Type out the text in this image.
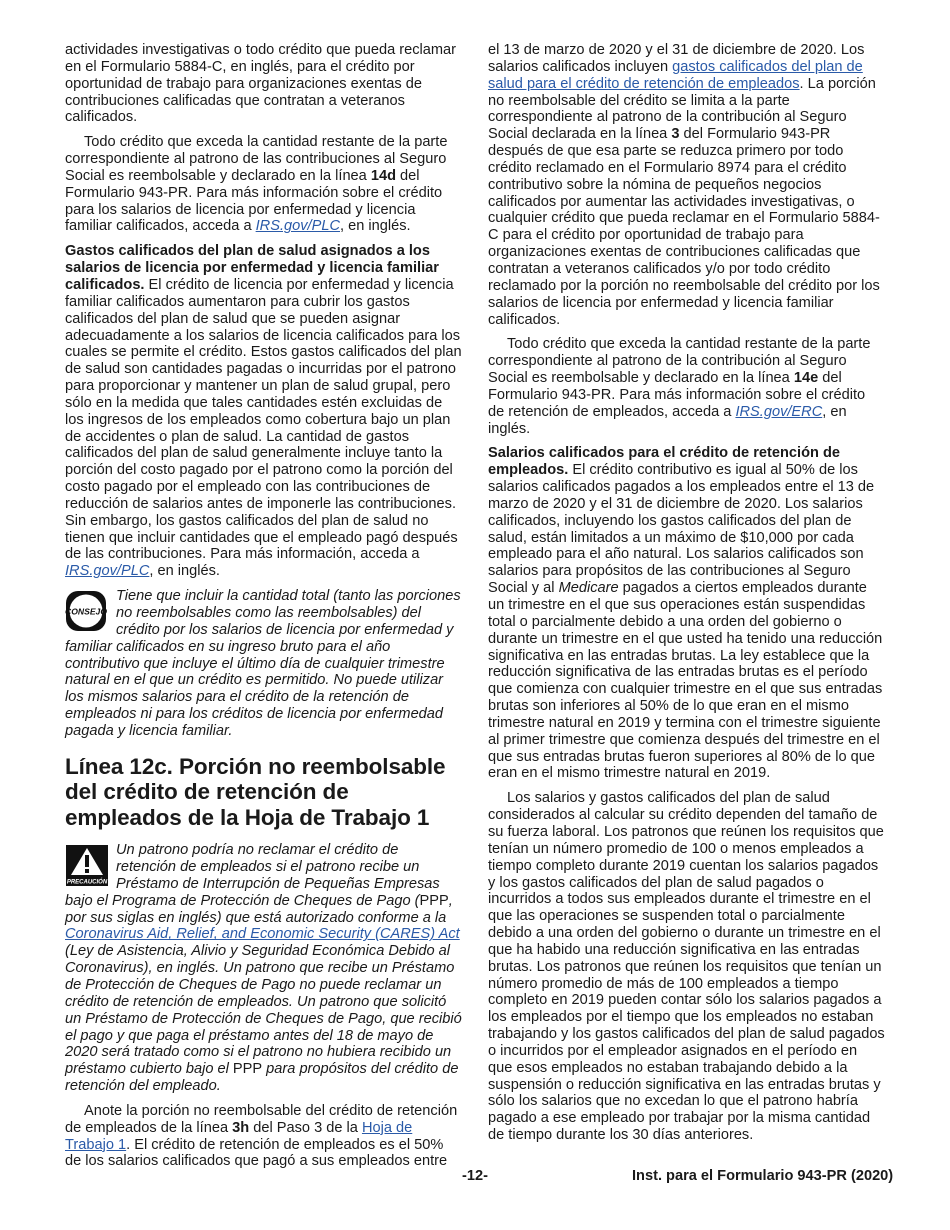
actividades investigativas o todo crédito que pueda reclamar en el Formulario 5884-C, en inglés, para el crédito por oportunidad de trabajo para organizaciones exentas de contribuciones calificadas que contratan a veteranos calificados.

Todo crédito que exceda la cantidad restante de la parte correspondiente al patrono de las contribuciones al Seguro Social es reembolsable y declarado en la línea 14d del Formulario 943-PR. Para más información sobre el crédito para los salarios de licencia por enfermedad y licencia familiar calificados, acceda a IRS.gov/PLC, en inglés.

Gastos calificados del plan de salud asignados a los salarios de licencia por enfermedad y licencia familiar calificados. El crédito de licencia por enfermedad y licencia familiar calificados aumentaron para cubrir los gastos calificados del plan de salud que se pueden asignar adecuadamente a los salarios de licencia calificados para los cuales se permite el crédito. Estos gastos calificados del plan de salud son cantidades pagadas o incurridas por el patrono para proporcionar y mantener un plan de salud grupal, pero sólo en la medida que tales cantidades estén excluidas de los ingresos de los empleados como cobertura bajo un plan de accidentes o plan de salud. La cantidad de gastos calificados del plan de salud generalmente incluye tanto la porción del costo pagado por el patrono como la porción del costo pagado por el empleado con las contribuciones de reducción de salarios antes de imponerle las contribuciones. Sin embargo, los gastos calificados del plan de salud no tienen que incluir cantidades que el empleado pagó después de las contribuciones. Para más información, acceda a IRS.gov/PLC, en inglés.

CONSEJO
Tiene que incluir la cantidad total (tanto las porciones no reembolsables como las reembolsables) del crédito por los salarios de licencia por enfermedad y familiar calificados en su ingreso bruto para el año contributivo que incluye el último día de cualquier trimestre natural en el que un crédito es permitido. No puede utilizar los mismos salarios para el crédito de la retención de empleados ni para los créditos de licencia por enfermedad pagada y licencia familiar.
Línea 12c. Porción no reembolsable del crédito de retención de empleados de la Hoja de Trabajo 1
PRECAUCIÓN
Un patrono podría no reclamar el crédito de retención de empleados si el patrono recibe un Préstamo de Interrupción de Pequeñas Empresas bajo el Programa de Protección de Cheques de Pago (PPP, por sus siglas en inglés) que está autorizado conforme a la Coronavirus Aid, Relief, and Economic Security (CARES) Act (Ley de Asistencia, Alivio y Seguridad Económica Debido al Coronavirus), en inglés. Un patrono que recibe un Préstamo de Protección de Cheques de Pago no puede reclamar un crédito de retención de empleados. Un patrono que solicitó un Préstamo de Protección de Cheques de Pago, que recibió el pago y que paga el préstamo antes del 18 de mayo de 2020 será tratado como si el patrono no hubiera recibido un préstamo cubierto bajo el PPP para propósitos del crédito de retención del empleado.

Anote la porción no reembolsable del crédito de retención de empleados de la línea 3h del Paso 3 de la Hoja de Trabajo 1. El crédito de retención de empleados es el 50% de los salarios calificados que pagó a sus empleados entre

el 13 de marzo de 2020 y el 31 de diciembre de 2020. Los salarios calificados incluyen gastos calificados del plan de salud para el crédito de retención de empleados. La porción no reembolsable del crédito se limita a la parte correspondiente al patrono de la contribución al Seguro Social declarada en la línea 3 del Formulario 943-PR después de que esa parte se reduzca primero por todo crédito reclamado en el Formulario 8974 para el crédito contributivo sobre la nómina de pequeños negocios calificados por aumentar las actividades investigativas, o cualquier crédito que pueda reclamar en el Formulario 5884-C para el crédito por oportunidad de trabajo para organizaciones exentas de contribuciones calificadas que contratan a veteranos calificados y/o por todo crédito reclamado por la porción no reembolsable del crédito por los salarios de licencia por enfermedad y licencia familiar calificados.

Todo crédito que exceda la cantidad restante de la parte correspondiente al patrono de la contribución al Seguro Social es reembolsable y declarado en la línea 14e del Formulario 943-PR. Para más información sobre el crédito de retención de empleados, acceda a IRS.gov/ERC, en inglés.

Salarios calificados para el crédito de retención de empleados. El crédito contributivo es igual al 50% de los salarios calificados pagados a los empleados entre el 13 de marzo de 2020 y el 31 de diciembre de 2020. Los salarios calificados, incluyendo los gastos calificados del plan de salud, están limitados a un máximo de $10,000 por cada empleado para el año natural. Los salarios calificados son salarios para propósitos de las contribuciones al Seguro Social y al Medicare pagados a ciertos empleados durante un trimestre en el que sus operaciones están suspendidas total o parcialmente debido a una orden del gobierno o durante un trimestre en el que usted ha tenido una reducción significativa en las entradas brutas. La ley establece que la reducción significativa de las entradas brutas es el período que comienza con cualquier trimestre en el que sus entradas brutas son inferiores al 50% de lo que eran en el mismo trimestre natural en 2019 y termina con el trimestre siguiente al primer trimestre que comienza después del trimestre en el que sus entradas brutas fueron superiores al 80% de lo que eran en el mismo trimestre natural en 2019.

Los salarios y gastos calificados del plan de salud considerados al calcular su crédito dependen del tamaño de su fuerza laboral. Los patronos que reúnen los requisitos que tenían un número promedio de 100 o menos empleados a tiempo completo durante 2019 cuentan los salarios pagados y los gastos calificados del plan de salud pagados o incurridos a todos sus empleados durante el trimestre en el que las operaciones se suspenden total o parcialmente debido a una orden del gobierno o durante un trimestre en el que ha habido una reducción significativa en las entradas brutas. Los patronos que reúnen los requisitos que tenían un número promedio de más de 100 empleados a tiempo completo en 2019 pueden contar sólo los salarios pagados a los empleados por el tiempo que los empleados no estaban trabajando y los gastos calificados del plan de salud pagados o incurridos por el empleador asignados en el período en que esos empleados no estaban trabajando debido a la suspensión o reducción significativa en las entradas brutas y sólo los salarios que no excedan lo que el patrono habría pagado a ese empleado por trabajar por la misma cantidad de tiempo durante los 30 días anteriores.

-12-	Inst. para el Formulario 943-PR (2020)
